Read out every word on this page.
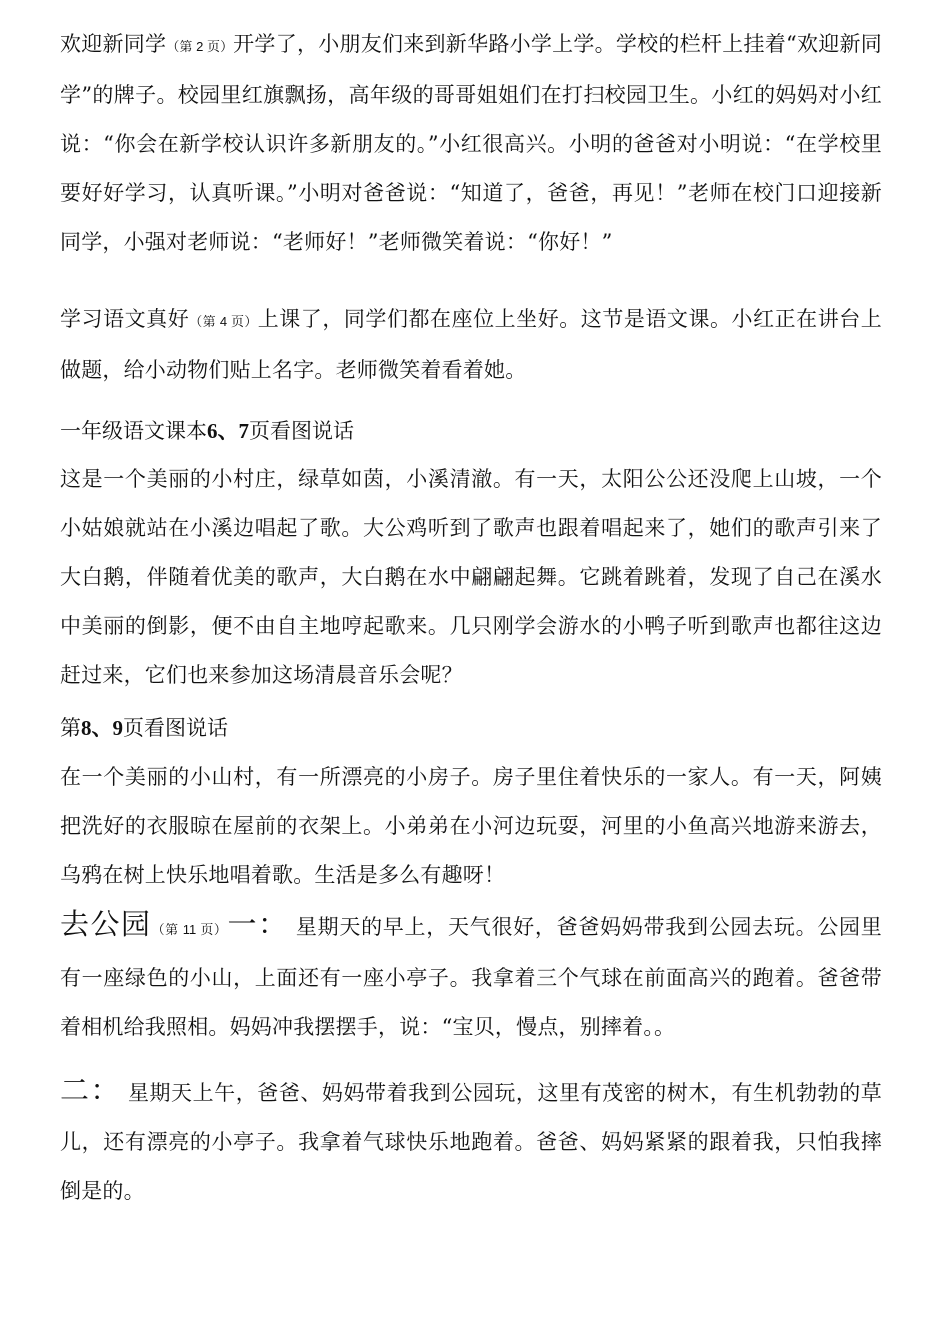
欢迎新同学（第 2 页）开学了，小朋友们来到新华路小学上学。学校的栏杆上挂着“欢迎新同学”的牌子。校园里红旗飘扬，高年级的哥哥姐姐们在打扫校园卫生。小红的妈妈对小红说：“你会在新学校认识许多新朋友的。”小红很高兴。小明的爸爸对小明说：“在学校里要好好学习，认真听课。”小明对爸爸说：“知道了，爸爸，再见！”老师在校门口迎接新同学，小强对老师说：“老师好！”老师微笑着说：“你好！”

学习语文真好（第 4 页）上课了，同学们都在座位上坐好。这节是语文课。小红正在讲台上做题，给小动物们贴上名字。老师微笑着看着她。

一年级语文课本6、7页看图说话

这是一个美丽的小村庄，绿草如茵，小溪清澈。有一天，太阳公公还没爬上山坡，一个小姑娘就站在小溪边唱起了歌。大公鸡听到了歌声也跟着唱起来了，她们的歌声引来了大白鹅，伴随着优美的歌声，大白鹅在水中翩翩起舞。它跳着跳着，发现了自己在溪水中美丽的倒影，便不由自主地哼起歌来。几只刚学会游水的小鸭子听到歌声也都往这边赶过来，它们也来参加这场清晨音乐会呢？

第8、9页看图说话

在一个美丽的小山村，有一所漂亮的小房子。房子里住着快乐的一家人。有一天，阿姨把洗好的衣服晾在屋前的衣架上。小弟弟在小河边玩耍，河里的小鱼高兴地游来游去，乌鸦在树上快乐地唱着歌。生活是多么有趣呀！

去公园（第 11 页）一： 星期天的早上，天气很好，爸爸妈妈带我到公园去玩。公园里有一座绿色的小山，上面还有一座小亭子。我拿着三个气球在前面高兴的跑着。爸爸带着相机给我照相。妈妈冲我摆摆手，说：“宝贝，慢点，别摔着。。

二： 星期天上午，爸爸、妈妈带着我到公园玩，这里有茂密的树木，有生机勃勃的草儿，还有漂亮的小亭子。我拿着气球快乐地跑着。爸爸、妈妈紧紧的跟着我，只怕我摔倒是的。
